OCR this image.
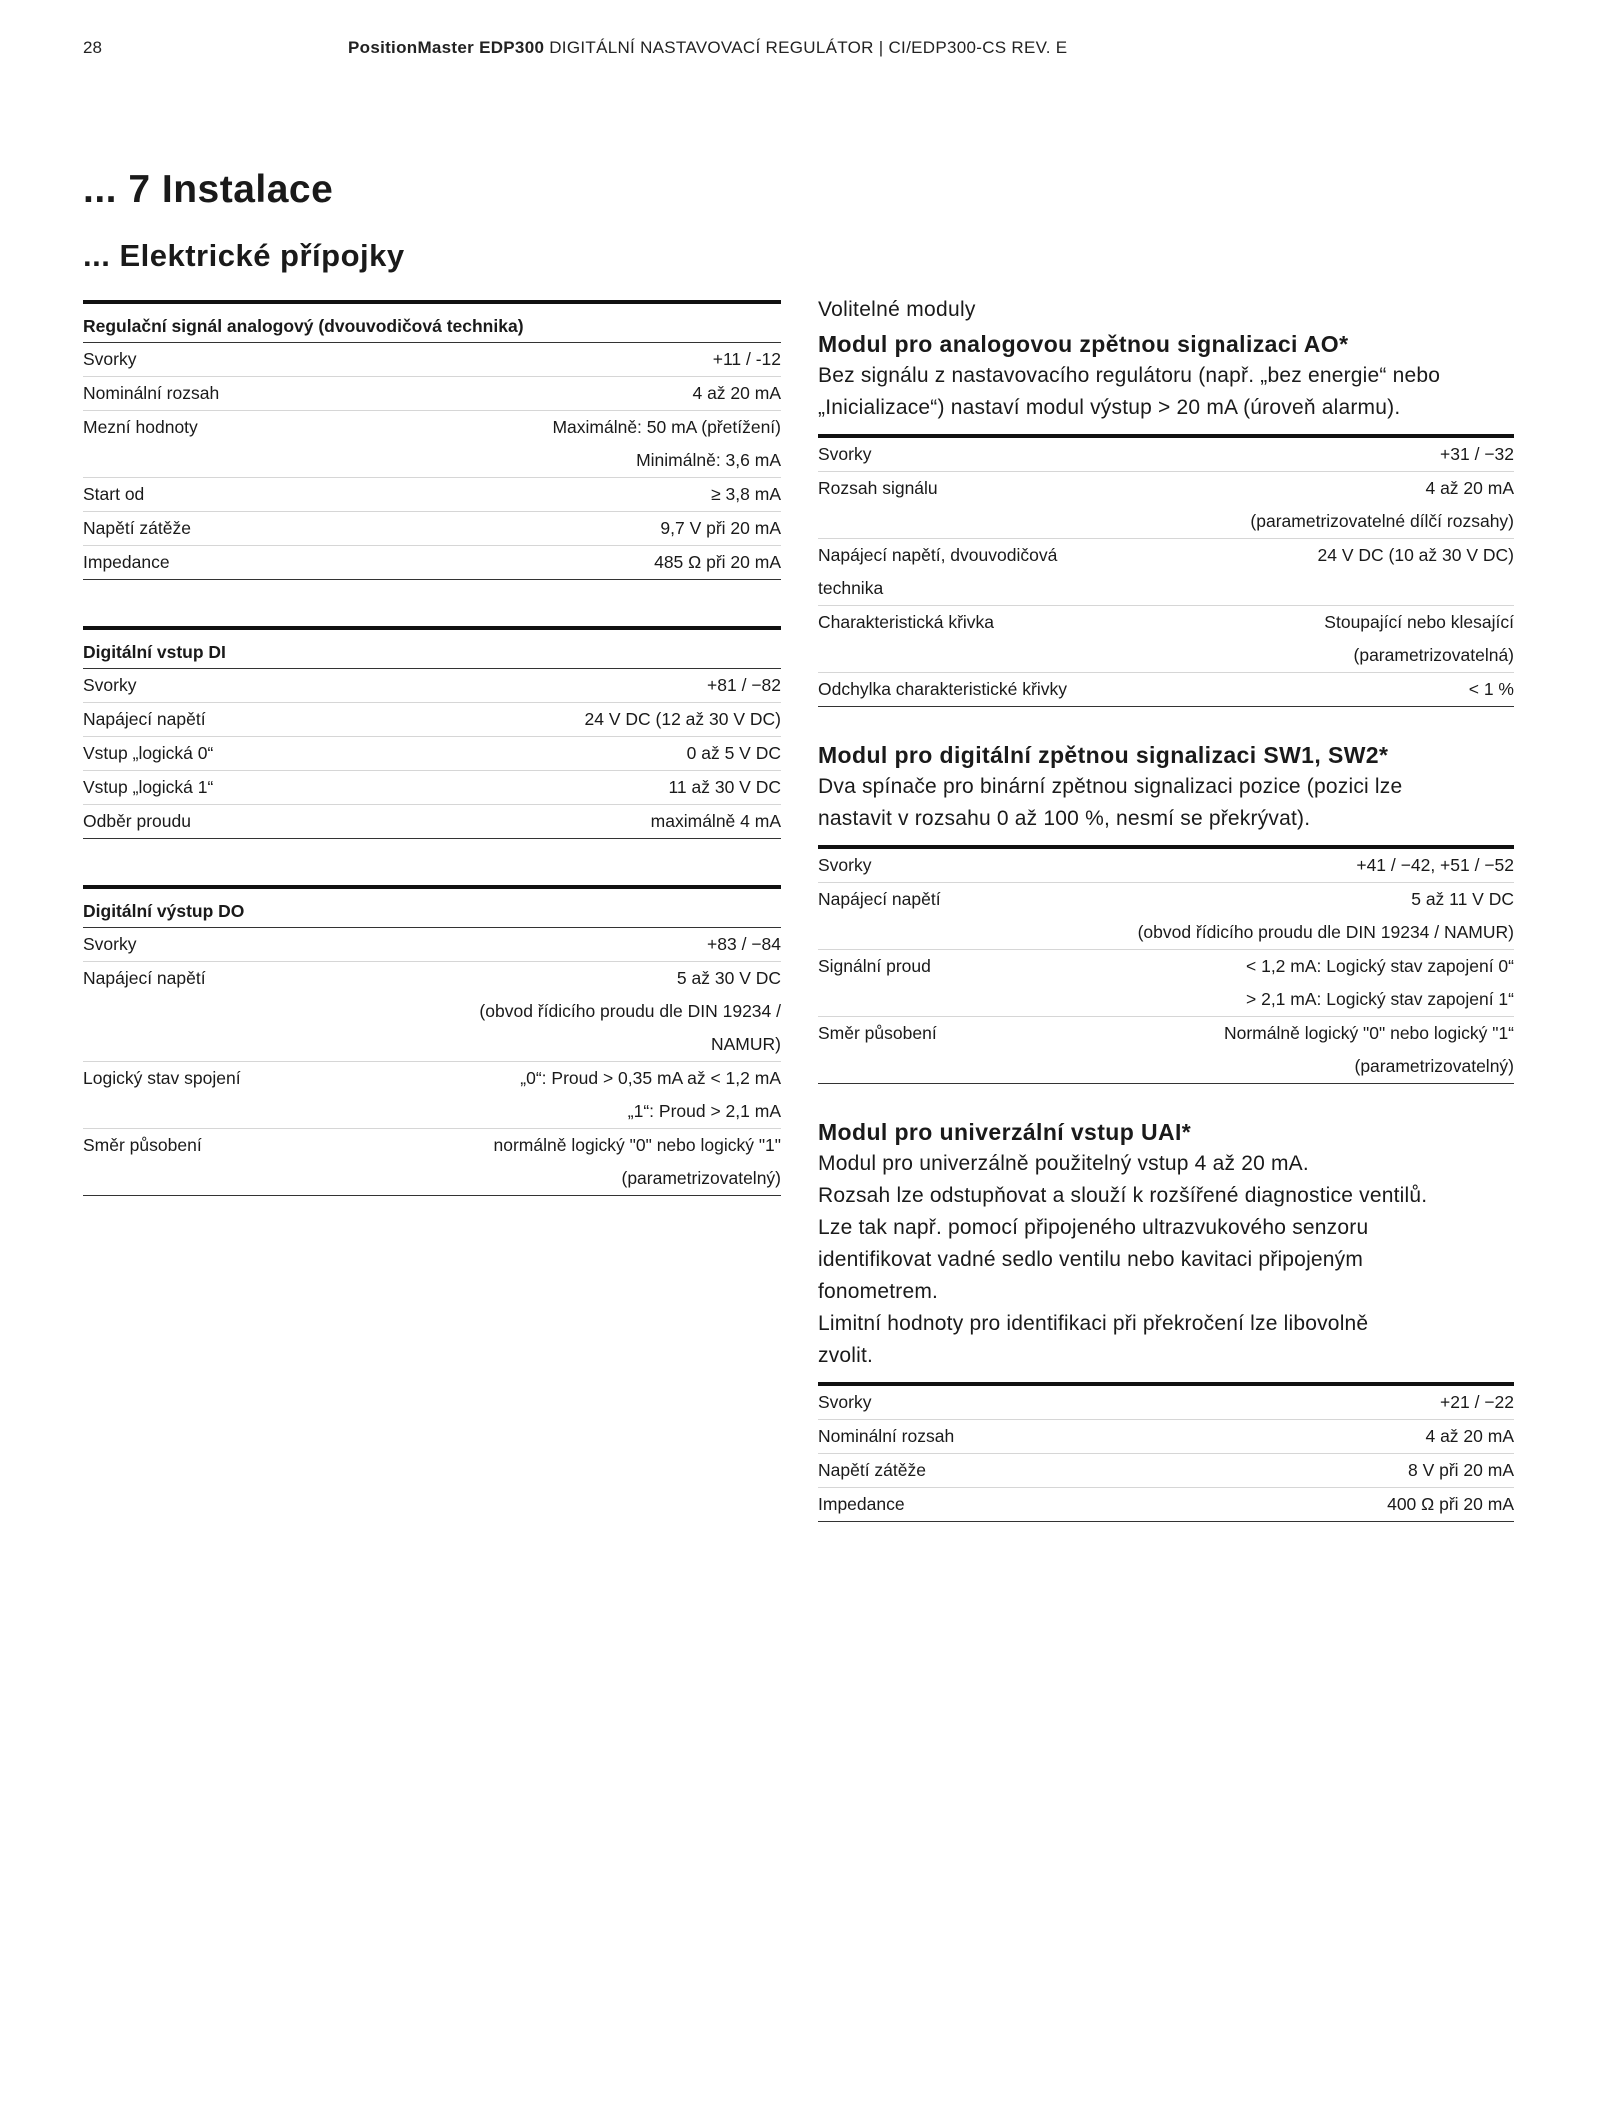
28	PositionMaster EDP300 DIGITÁLNÍ NASTAVOVACÍ REGULÁTOR | CI/EDP300-CS REV. E
... 7 Instalace
... Elektrické přípojky
Regulační signál analogový (dvouvodičová technika)	

Svorky	+11 / -12

Nominální rozsah	4 až 20 mA

Mezní hodnoty	Maximálně: 50 mA (přetížení)
Minimálně: 3,6 mA

Start od	≥ 3,8 mA

Napětí zátěže	9,7 V při 20 mA

Impedance	485 Ω při 20 mA
Digitální vstup DI	

Svorky	+81 / −82

Napájecí napětí	24 V DC (12 až 30 V DC)

Vstup „logická 0“	0 až 5 V DC

Vstup „logická 1“	11 až 30 V DC

Odběr proudu	maximálně 4 mA
Digitální výstup DO	

Svorky	+83 / −84

Napájecí napětí	5 až 30 V DC
(obvod řídicího proudu dle DIN 19234 /
NAMUR)

Logický stav spojení	„0“: Proud > 0,35 mA až < 1,2 mA
„1“: Proud > 2,1 mA

Směr působení	normálně logický "0" nebo logický "1"
(parametrizovatelný)

Volitelné moduly

Modul pro analogovou zpětnou signalizaci AO*

Bez signálu z nastavovacího regulátoru (např. „bez energie“ nebo
„Inicializace“) nastaví modul výstup > 20 mA (úroveň alarmu).

Svorky	+31 / −32

Rozsah signálu	4 až 20 mA
(parametrizovatelné dílčí rozsahy)

Napájecí napětí, dvouvodičová
technika	24 V DC (10 až 30 V DC)

Charakteristická křivka	Stoupající nebo klesající
(parametrizovatelná)

Odchylka charakteristické křivky	< 1 %
Modul pro digitální zpětnou signalizaci SW1, SW2*

Dva spínače pro binární zpětnou signalizaci pozice (pozici lze
nastavit v rozsahu 0 až 100 %, nesmí se překrývat).

Svorky	+41 / −42, +51 / −52

Napájecí napětí	5 až 11 V DC
(obvod řídicího proudu dle DIN 19234 / NAMUR)

Signální proud	< 1,2 mA: Logický stav zapojení 0“
> 2,1 mA: Logický stav zapojení 1“

Směr působení	Normálně logický "0" nebo logický "1“
(parametrizovatelný)
Modul pro univerzální vstup UAI*

Modul pro univerzálně použitelný vstup 4 až 20 mA.
Rozsah lze odstupňovat a slouží k rozšířené diagnostice ventilů.
Lze tak např. pomocí připojeného ultrazvukového senzoru
identifikovat vadné sedlo ventilu nebo kavitaci připojeným
fonometrem.
Limitní hodnoty pro identifikaci při překročení lze libovolně
zvolit.

Svorky	+21 / −22

Nominální rozsah	4 až 20 mA

Napětí zátěže	8 V při 20 mA

Impedance	400 Ω při 20 mA
